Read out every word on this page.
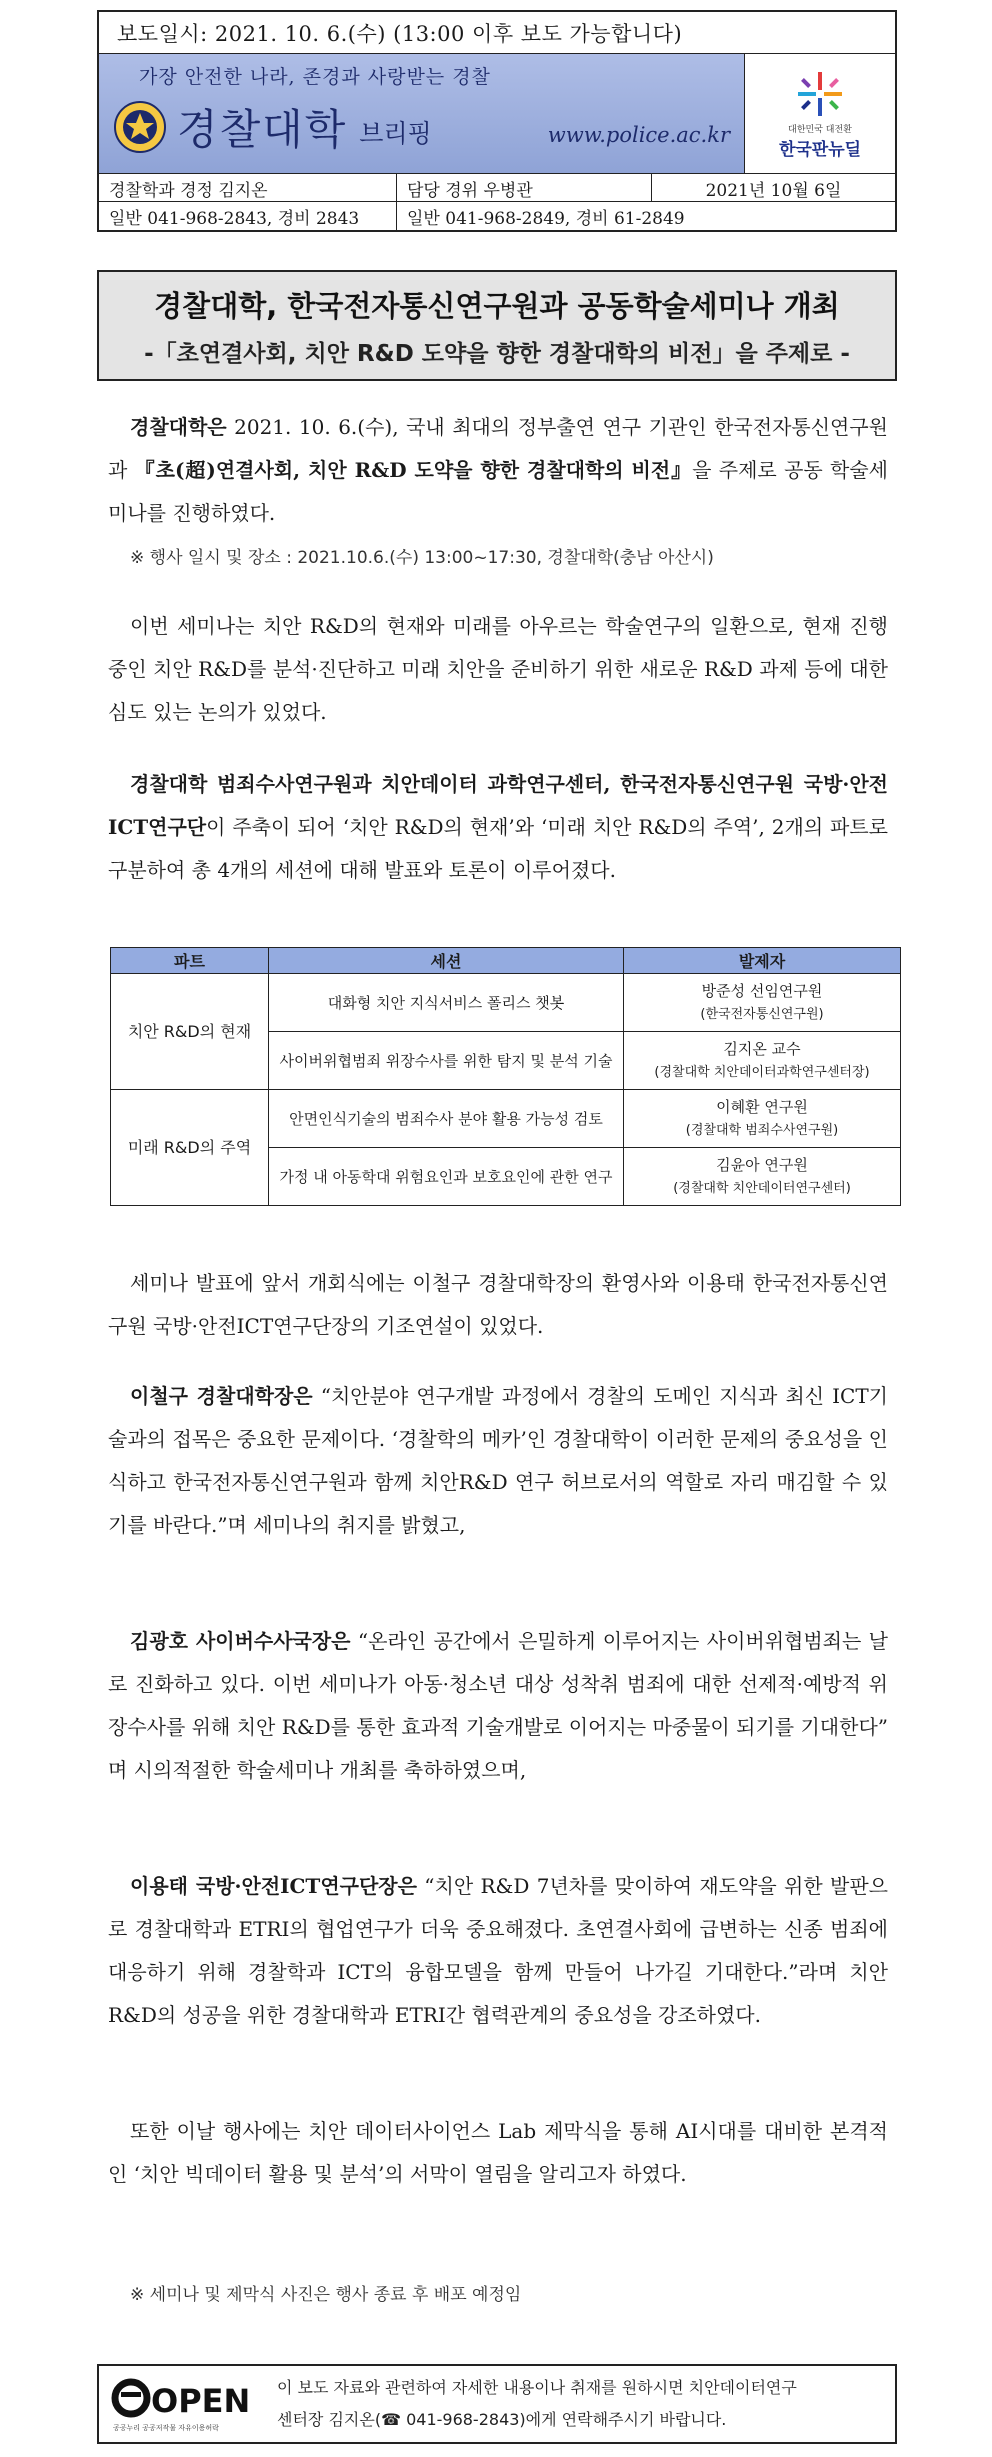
보도일시: 2021. 10. 6.(수) (13:00 이후 보도 가능합니다)
가장 안전한 나라, 존경과 사랑받는 경찰
경찰대학 브리핑	www.police.ac.kr	대한민국 대전환
한국판뉴딜
경찰학과 경정 김지온	담당 경위 우병관	2021년 10월 6일
일반 041-968-2843, 경비 2843	일반 041-968-2849, 경비 61-2849
경찰대학, 한국전자통신연구원과 공동학술세미나 개최
-「초연결사회, 치안 R&D 도약을 향한 경찰대학의 비전」을 주제로 -
경찰대학은 2021. 10. 6.(수), 국내 최대의 정부출연 연구 기관인 한국전자통신연구원과 『초(超)연결사회, 치안 R&D 도약을 향한 경찰대학의 비전』을 주제로 공동 학술세미나를 진행하였다.
※ 행사 일시 및 장소 : 2021.10.6.(수) 13:00~17:30, 경찰대학(충남 아산시)
이번 세미나는 치안 R&D의 현재와 미래를 아우르는 학술연구의 일환으로, 현재 진행 중인 치안 R&D를 분석·진단하고 미래 치안을 준비하기 위한 새로운 R&D 과제 등에 대한 심도 있는 논의가 있었다.
경찰대학 범죄수사연구원과 치안데이터 과학연구센터, 한국전자통신연구원 국방·안전ICT연구단이 주축이 되어 ‘치안 R&D의 현재’와 ‘미래 치안 R&D의 주역’, 2개의 파트로 구분하여 총 4개의 세션에 대해 발표와 토론이 이루어졌다.
파트	세션	발제자
치안 R&D의 현재	대화형 치안 지식서비스 폴리스 챗봇	방준성 선임연구원
(한국전자통신연구원)
	사이버위협범죄 위장수사를 위한 탐지 및 분석 기술	김지온 교수
(경찰대학 치안데이터과학연구센터장)
미래 R&D의 주역	안면인식기술의 범죄수사 분야 활용 가능성 검토	이혜환 연구원
(경찰대학 범죄수사연구원)
	가정 내 아동학대 위험요인과 보호요인에 관한 연구	김윤아 연구원
(경찰대학 치안데이터연구센터)
세미나 발표에 앞서 개회식에는 이철구 경찰대학장의 환영사와 이용태 한국전자통신연구원 국방·안전ICT연구단장의 기조연설이 있었다.
이철구 경찰대학장은 “치안분야 연구개발 과정에서 경찰의 도메인 지식과 최신 ICT기술과의 접목은 중요한 문제이다. ‘경찰학의 메카’인 경찰대학이 이러한 문제의 중요성을 인식하고 한국전자통신연구원과 함께 치안R&D 연구 허브로서의 역할로 자리 매김할 수 있기를 바란다.”며 세미나의 취지를 밝혔고,
김광호 사이버수사국장은 “온라인 공간에서 은밀하게 이루어지는 사이버위협범죄는 날로 진화하고 있다. 이번 세미나가 아동·청소년 대상 성착취 범죄에 대한 선제적·예방적 위장수사를 위해 치안 R&D를 통한 효과적 기술개발로 이어지는 마중물이 되기를 기대한다” 며 시의적절한 학술세미나 개최를 축하하였으며,
이용태 국방·안전ICT연구단장은 “치안 R&D 7년차를 맞이하여 재도약을 위한 발판으로 경찰대학과 ETRI의 협업연구가 더욱 중요해졌다. 초연결사회에 급변하는 신종 범죄에 대응하기 위해 경찰학과 ICT의 융합모델을 함께 만들어 나가길 기대한다.”라며 치안 R&D의 성공을 위한 경찰대학과 ETRI간 협력관계의 중요성을 강조하였다.
또한 이날 행사에는 치안 데이터사이언스 Lab 제막식을 통해 AI시대를 대비한 본격적인 ‘치안 빅데이터 활용 및 분석’의 서막이 열림을 알리고자 하였다.
※ 세미나 및 제막식 사진은 행사 종료 후 배포 예정임
OPEN
공공누리 공공저작물 자유이용허락
이 보도 자료와 관련하여 자세한 내용이나 취재를 원하시면 치안데이터연구
센터장 김지온(☎ 041-968-2843)에게 연락해주시기 바랍니다.
